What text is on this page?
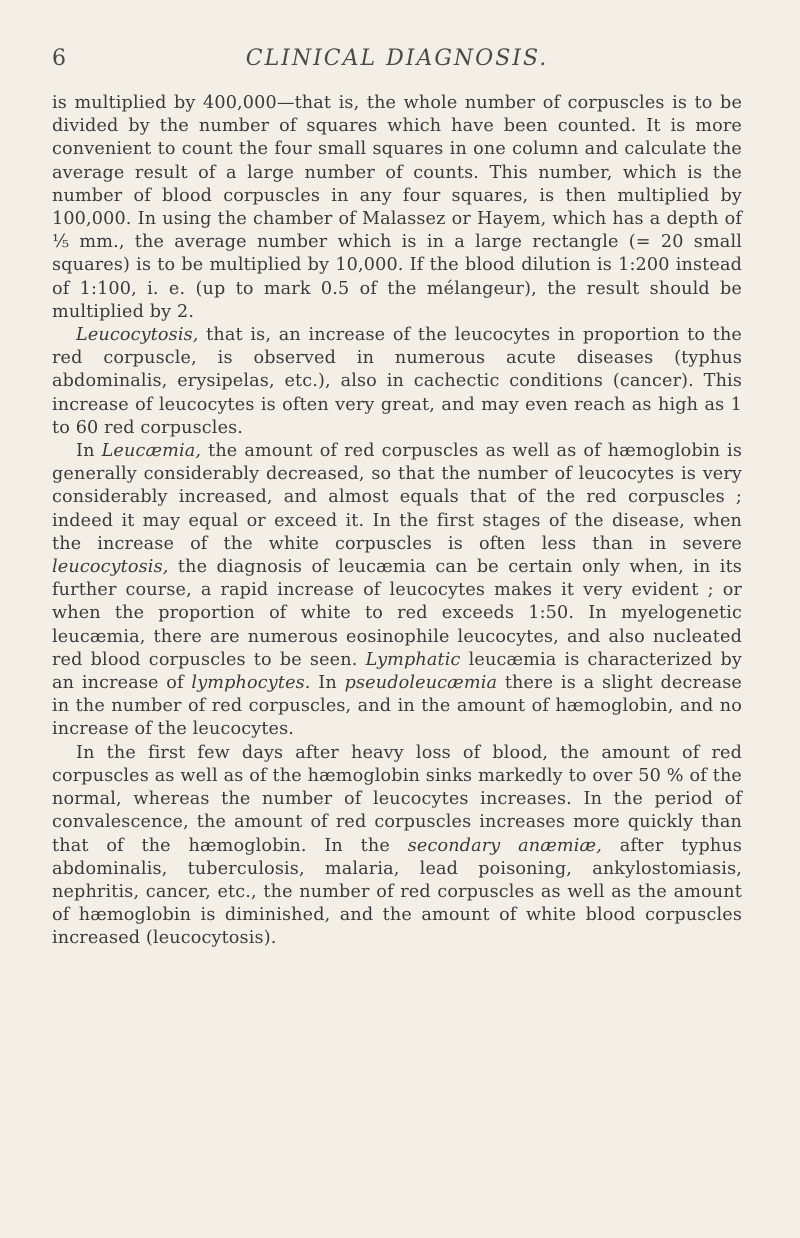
6	CLINICAL DIAGNOSIS.

is multiplied by 400,000—that is, the whole number of corpuscles is to be divided by the number of squares which have been counted. It is more convenient to count the four small squares in one column and calculate the average result of a large number of counts. This number, which is the number of blood corpuscles in any four squares, is then multiplied by 100,000. In using the chamber of Malassez or Hayem, which has a depth of ⅕ mm., the average number which is in a large rectangle (= 20 small squares) is to be multiplied by 10,000. If the blood dilution is 1:200 instead of 1:100, i. e. (up to mark 0.5 of the mélangeur), the result should be multiplied by 2.

Leucocytosis, that is, an increase of the leucocytes in proportion to the red corpuscle, is observed in numerous acute diseases (typhus abdominalis, erysipelas, etc.), also in cachectic conditions (cancer). This increase of leucocytes is often very great, and may even reach as high as 1 to 60 red corpuscles.

In Leucæmia, the amount of red corpuscles as well as of hæmoglobin is generally considerably decreased, so that the number of leucocytes is very considerably increased, and almost equals that of the red corpuscles ; indeed it may equal or exceed it. In the first stages of the disease, when the increase of the white corpuscles is often less than in severe leucocytosis, the diagnosis of leucæmia can be certain only when, in its further course, a rapid increase of leucocytes makes it very evident ; or when the proportion of white to red exceeds 1:50. In myelogenetic leucæmia, there are numerous eosinophile leucocytes, and also nucleated red blood corpuscles to be seen. Lymphatic leucæmia is characterized by an increase of lymphocytes. In pseudoleucæmia there is a slight decrease in the number of red corpuscles, and in the amount of hæmoglobin, and no increase of the leucocytes.

In the first few days after heavy loss of blood, the amount of red corpuscles as well as of the hæmoglobin sinks markedly to over 50 % of the normal, whereas the number of leucocytes increases. In the period of convalescence, the amount of red corpuscles increases more quickly than that of the hæmoglobin. In the secondary anæmiæ, after typhus abdominalis, tuberculosis, malaria, lead poisoning, ankylostomiasis, nephritis, cancer, etc., the number of red corpuscles as well as the amount of hæmoglobin is diminished, and the amount of white blood corpuscles increased (leucocytosis).
